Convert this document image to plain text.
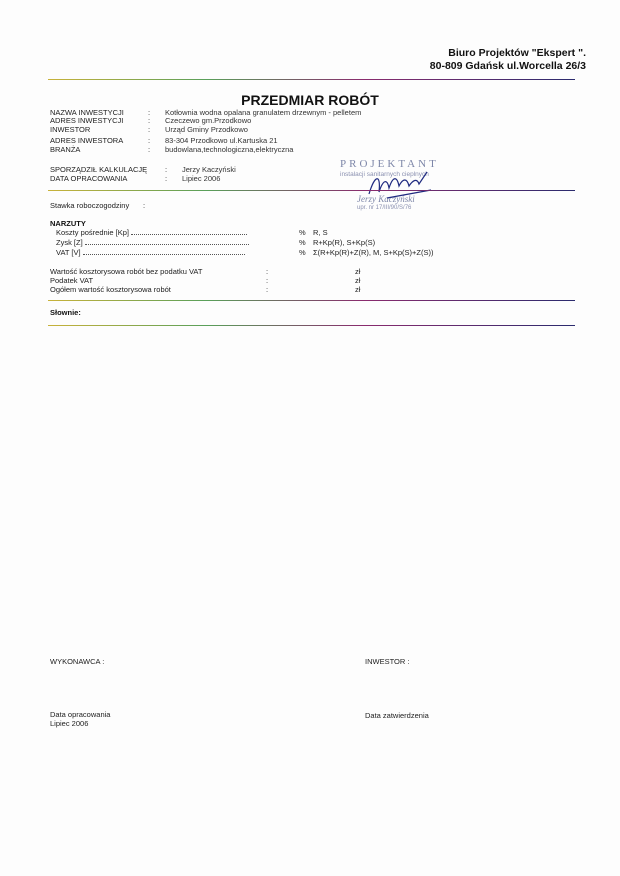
Biuro Projektów "Ekspert ".
80-809 Gdańsk ul.Worcella 26/3
PRZEDMIAR ROBÓT
NAZWA INWESTYCJI	: Kotłownia wodna opalana granulatem drzewnym - pelletem
ADRES INWESTYCJI	: Czeczewo gm.Przodkowo
INWESTOR	: Urząd Gminy Przodkowo
ADRES INWESTORA	: 83-304 Przodkowo ul.Kartuska 21
BRANŻA	: budowlana,technologiczna,elektryczna
SPORZĄDZIŁ KALKULACJĘ : Jerzy Kaczyński
DATA OPRACOWANIA	: Lipiec 2006
PROJEKTANT
instalacji sanitarnych cieplnych
Jerzy Kaczyński
upr. nr 17/III/90/S/76
Stawka roboczogodziny :
NARZUTY
Koszty pośrednie [Kp]	% R, S
Zysk [Z]	% R+Kp(R), S+Kp(S)
VAT [V]	% Σ(R+Kp(R)+Z(R), M, S+Kp(S)+Z(S))
Wartość kosztorysowa robót bez podatku VAT	:	zł
Podatek VAT	:	zł
Ogółem wartość kosztorysowa robót	:	zł
Słownie:
WYKONAWCA :	INWESTOR :
Data opracowania
Lipiec 2006
Data zatwierdzenia
